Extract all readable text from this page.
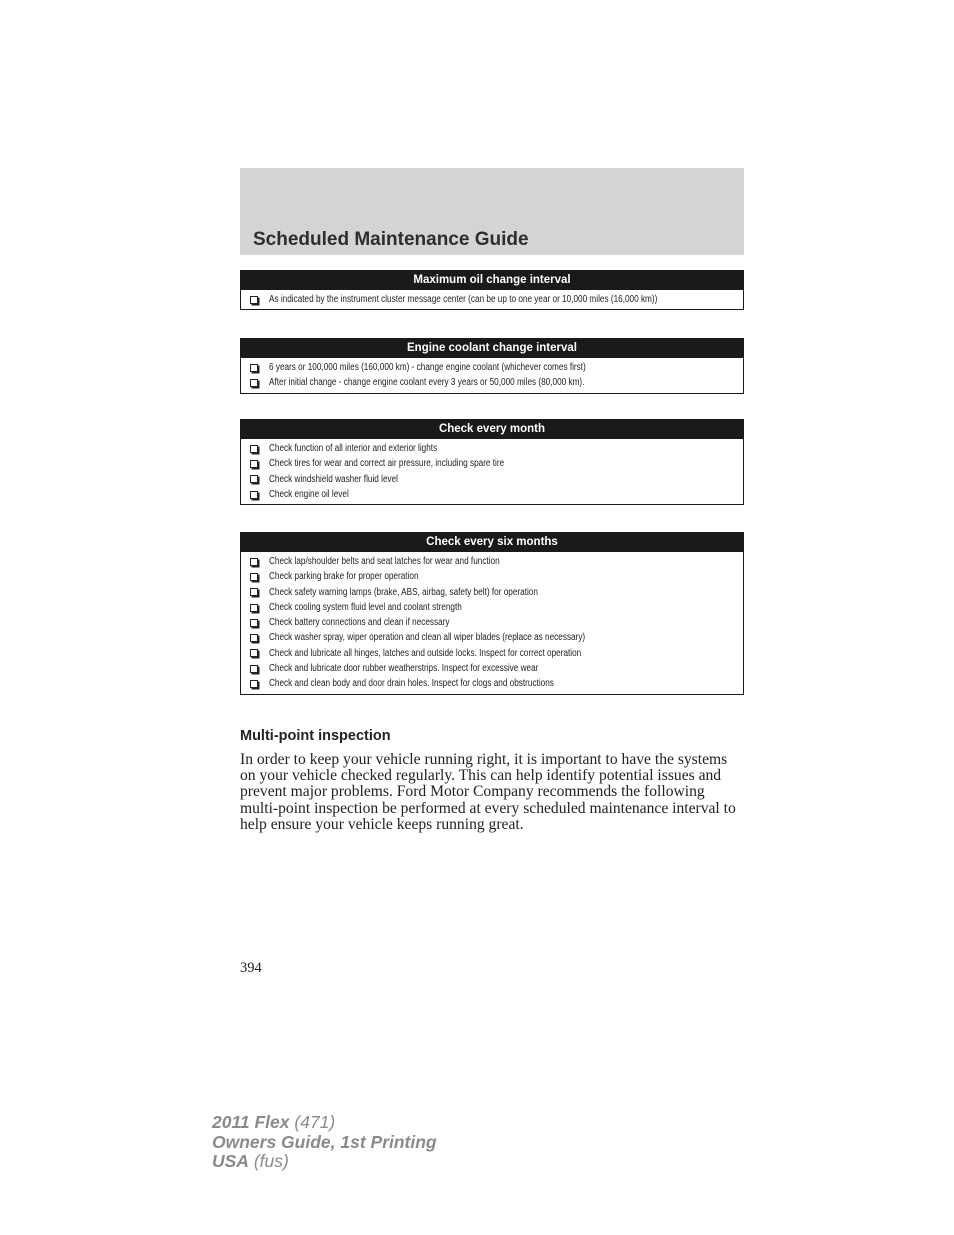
Scheduled Maintenance Guide
Maximum oil change interval
As indicated by the instrument cluster message center (can be up to one year or 10,000 miles (16,000 km))
Engine coolant change interval
6 years or 100,000 miles (160,000 km) - change engine coolant (whichever comes first)
After initial change - change engine coolant every 3 years or 50,000 miles (80,000 km).
Check every month
Check function of all interior and exterior lights
Check tires for wear and correct air pressure, including spare tire
Check windshield washer fluid level
Check engine oil level
Check every six months
Check lap/shoulder belts and seat latches for wear and function
Check parking brake for proper operation
Check safety warning lamps (brake, ABS, airbag, safety belt) for operation
Check cooling system fluid level and coolant strength
Check battery connections and clean if necessary
Check washer spray, wiper operation and clean all wiper blades (replace as necessary)
Check and lubricate all hinges, latches and outside locks. Inspect for correct operation
Check and lubricate door rubber weatherstrips. Inspect for excessive wear
Check and clean body and door drain holes. Inspect for clogs and obstructions
Multi-point inspection

In order to keep your vehicle running right, it is important to have the systems on your vehicle checked regularly. This can help identify potential issues and prevent major problems. Ford Motor Company recommends the following multi-point inspection be performed at every scheduled maintenance interval to help ensure your vehicle keeps running great.

394
2011 Flex (471)
Owners Guide, 1st Printing
USA (fus)
